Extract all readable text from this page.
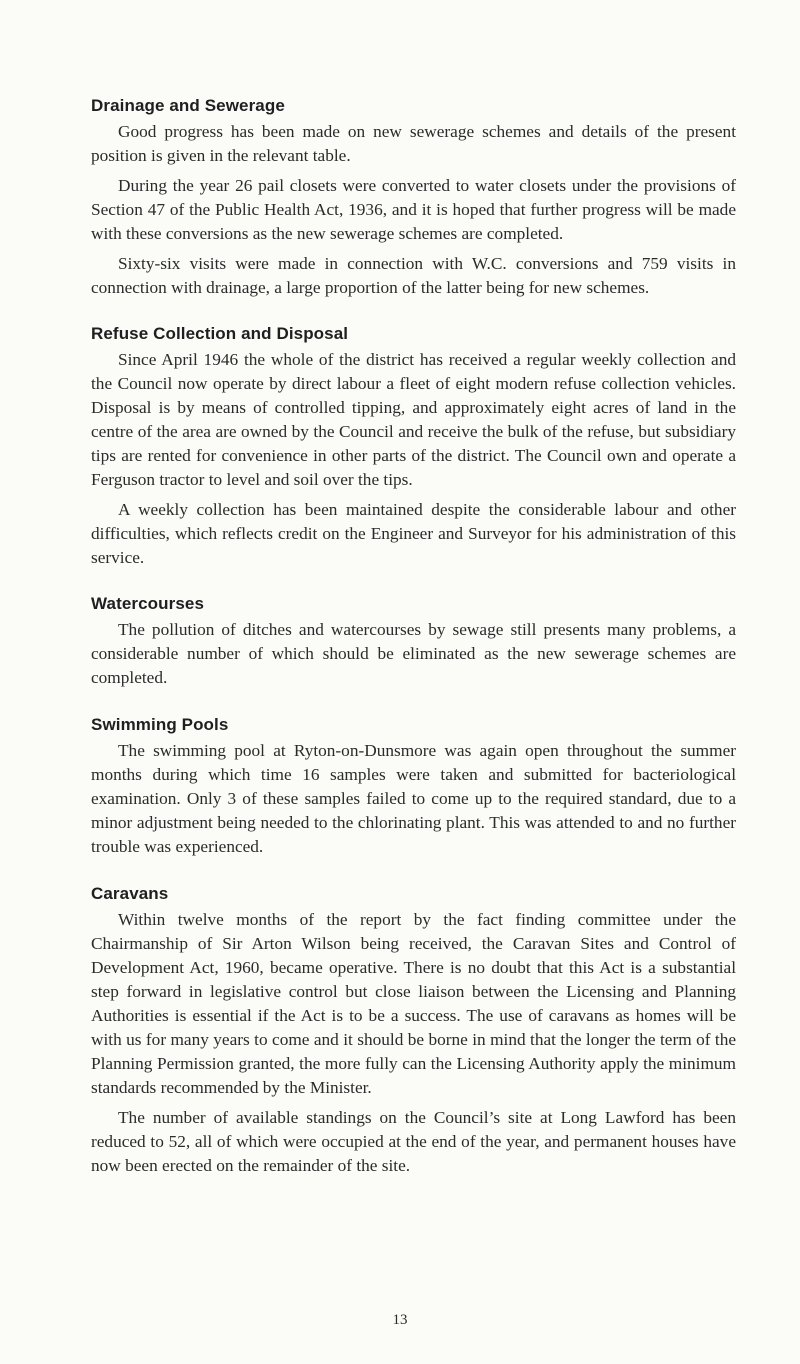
Drainage and Sewerage

Good progress has been made on new sewerage schemes and details of the present position is given in the relevant table.

During the year 26 pail closets were converted to water closets under the provisions of Section 47 of the Public Health Act, 1936, and it is hoped that further progress will be made with these conversions as the new sewerage schemes are completed.

Sixty-six visits were made in connection with W.C. conversions and 759 visits in connection with drainage, a large proportion of the latter being for new schemes.

Refuse Collection and Disposal

Since April 1946 the whole of the district has received a regular weekly collection and the Council now operate by direct labour a fleet of eight modern refuse collection vehicles. Disposal is by means of controlled tipping, and approximately eight acres of land in the centre of the area are owned by the Council and receive the bulk of the refuse, but subsidiary tips are rented for convenience in other parts of the district. The Council own and operate a Ferguson tractor to level and soil over the tips.

A weekly collection has been maintained despite the considerable labour and other difficulties, which reflects credit on the Engineer and Surveyor for his administration of this service.

Watercourses

The pollution of ditches and watercourses by sewage still presents many problems, a considerable number of which should be eliminated as the new sewerage schemes are completed.

Swimming Pools

The swimming pool at Ryton-on-Dunsmore was again open throughout the summer months during which time 16 samples were taken and submitted for bacteriological examination. Only 3 of these samples failed to come up to the required standard, due to a minor adjustment being needed to the chlorinating plant. This was attended to and no further trouble was experienced.

Caravans

Within twelve months of the report by the fact finding committee under the Chairmanship of Sir Arton Wilson being received, the Caravan Sites and Control of Development Act, 1960, became operative. There is no doubt that this Act is a substantial step forward in legislative control but close liaison between the Licensing and Planning Authorities is essential if the Act is to be a success. The use of caravans as homes will be with us for many years to come and it should be borne in mind that the longer the term of the Planning Permission granted, the more fully can the Licensing Authority apply the minimum standards recommended by the Minister.

The number of available standings on the Council’s site at Long Lawford has been reduced to 52, all of which were occupied at the end of the year, and permanent houses have now been erected on the remainder of the site.

13
